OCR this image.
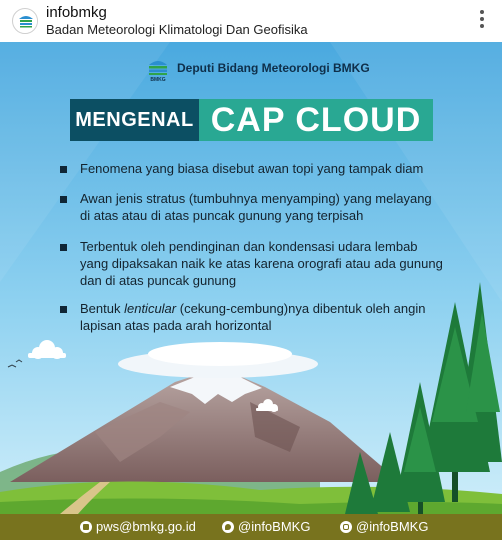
infobmkg
Badan Meteorologi Klimatologi Dan Geofisika
BMKG
Deputi Bidang Meteorologi BMKG
MENGENAL CAP CLOUD
Fenomena yang biasa disebut awan topi yang tampak diam
Awan jenis stratus (tumbuhnya menyamping) yang melayang
di atas atau di atas puncak gunung yang terpisah
Terbentuk oleh pendinginan dan kondensasi udara lembab
yang dipaksakan naik ke atas karena orografi atau ada gunung
dan di atas puncak gunung
Bentuk lenticular (cekung-cembung)nya dibentuk oleh angin
lapisan atas pada arah horizontal
pws@bmkg.go.id	@infoBMKG	@infoBMKG
